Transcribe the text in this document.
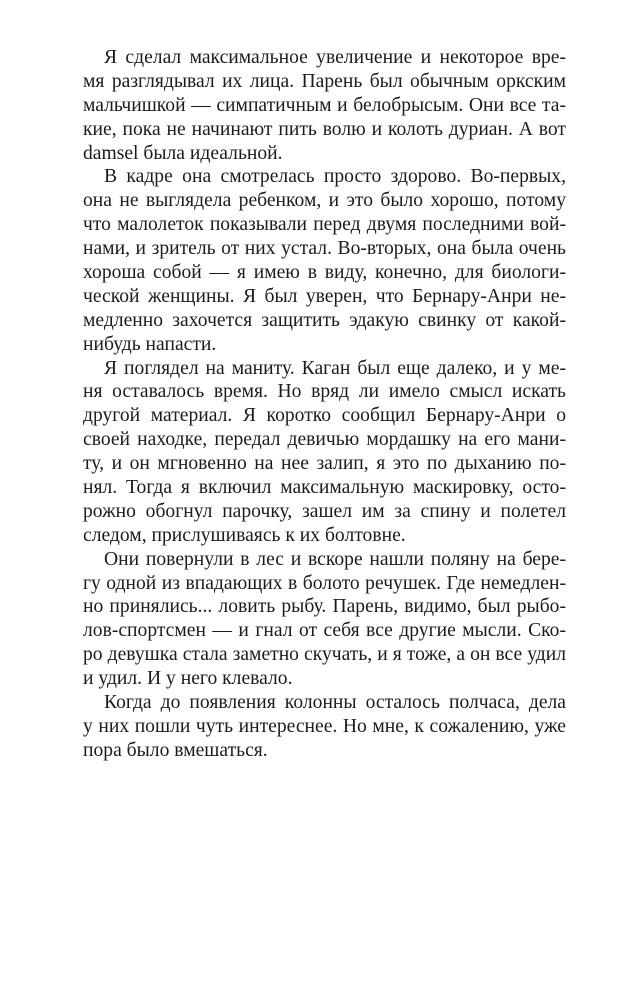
Я сделал максимальное увеличение и некоторое вре-
мя разглядывал их лица. Парень был обычным оркским
мальчишкой — симпатичным и белобрысым. Они все та-
кие, пока не начинают пить волю и колоть дуриан. А вот
damsel была идеальной.
В кадре она смотрелась просто здорово. Во-первых,
она не выглядела ребенком, и это было хорошо, потому
что малолеток показывали перед двумя последними вой-
нами, и зритель от них устал. Во-вторых, она была очень
хороша собой — я имею в виду, конечно, для биологи-
ческой женщины. Я был уверен, что Бернару-Анри не-
медленно захочется защитить эдакую свинку от какой-
нибудь напасти.
Я поглядел на маниту. Каган был еще далеко, и у ме-
ня оставалось время. Но вряд ли имело смысл искать
другой материал. Я коротко сообщил Бернару-Анри о
своей находке, передал девичью мордашку на его мани-
ту, и он мгновенно на нее залип, я это по дыханию по-
нял. Тогда я включил максимальную маскировку, осто-
рожно обогнул парочку, зашел им за спину и полетел
следом, прислушиваясь к их болтовне.
Они повернули в лес и вскоре нашли поляну на бере-
гу одной из впадающих в болото речушек. Где немедлен-
но принялись... ловить рыбу. Парень, видимо, был рыбо-
лов-спортсмен — и гнал от себя все другие мысли. Ско-
ро девушка стала заметно скучать, и я тоже, а он все удил
и удил. И у него клевало.
Когда до появления колонны осталось полчаса, дела
у них пошли чуть интереснее. Но мне, к сожалению, уже
пора было вмешаться.
